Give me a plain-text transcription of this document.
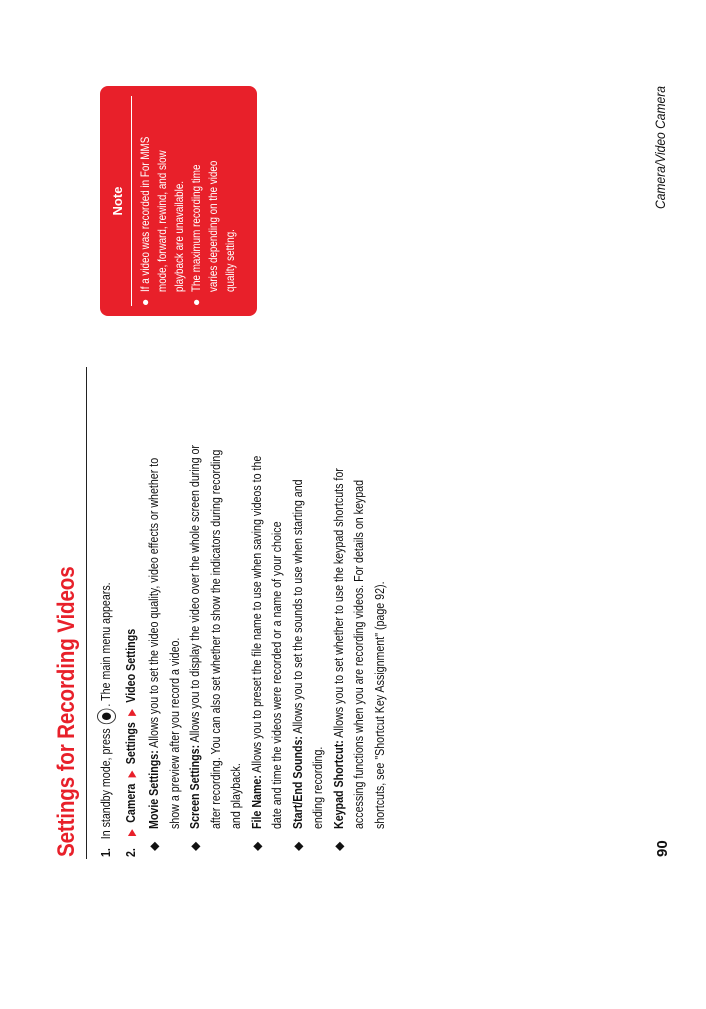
Settings for Recording Videos 1. In standby mode, press . The main menu appears.
2. ▶ Camera ▶ Settings ▶ Video Settings
◆
Movie Settings: Allows you to set the video quality, video effects or whether to show a preview after you record a video.
◆
Screen Settings: Allows you to display the video over the whole screen during or after recording. You can also set whether to show the indicators during recording and playback.
◆
File Name: Allows you to preset the file name to use when saving videos to the date and time the videos were recorded or a name of your choice
◆
Start/End Sounds: Allows you to set the sounds to use when starting and
ending recording.
◆
Keypad Shortcut: Allows you to set whether to use the keypad shortcuts for accessing functions when you are recording videos. For details on keypad shortcuts, see "Shortcut Key Assignment" (page 92).
Note
●
If a video was recorded in For MMS mode, forward, rewind, and slow playback are unavailable.
●
The maximum recording time varies depending on the video quality setting.
90
Camera/Video Camera
